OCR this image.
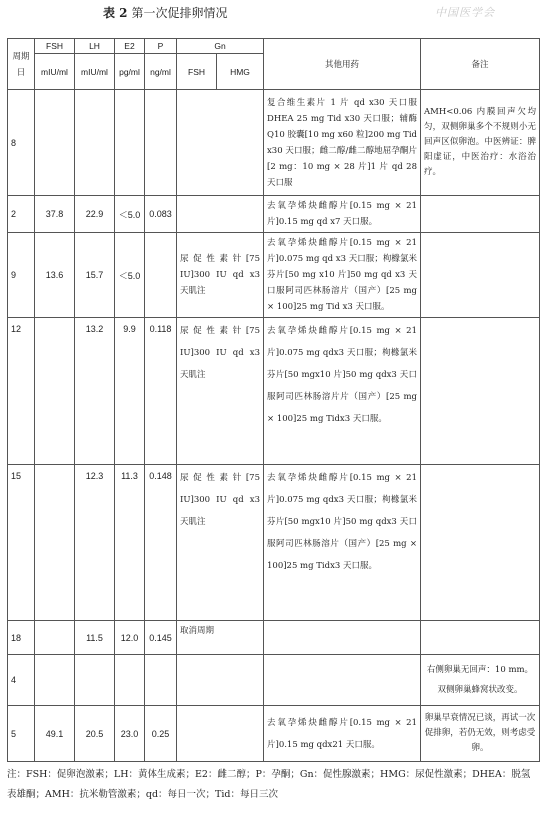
表 2 第一次促排卵情况	中国医学会
周期日	FSH	LH	E2	P	Gn		其他用药	备注
	mIU/ml	mIU/ml	pg/ml	ng/ml	FSH	HMG		

8							复合维生素片 1 片 qd x30 天口服 DHEA 25 mg Tid x30 天口服；辅酶 Q10 胶囊[10 mg x60 粒]200 mg Tid x30 天口服；雌二醇/雌二醇地屈孕酮片[2 mg：10 mg × 28 片]1 片 qd 28 天口服	AMH<0.06 内膜回声欠均匀，双侧卵巢多个不规则小无回声区似卵泡。中医辨证：脾阳虚证，中医治疗：水浴治疗。
2	37.8	22.9	＜5.0	0.083			去氧孕烯炔雌醇片[0.15 mg × 21 片]0.15 mg qd x7 天口服。	
9	13.6	15.7	＜5.0		尿促性素针[75 IU]300 IU qd x3 天肌注		去氧孕烯炔雌醇片[0.15 mg × 21 片]0.075 mg qd x3 天口服；枸橼氯米芬片[50 mg x10 片]50 mg qd x3 天口服阿司匹林肠溶片（国产）[25 mg × 100]25 mg Tid x3 天口服。	
12		13.2	9.9	0.118	尿促性素针[75 IU]300 IU qd x3 天肌注		去氧孕烯炔雌醇片[0.15 mg × 21 片]0.075 mg qdx3 天口服；枸橼氯米芬片[50 mgx10 片]50 mg qdx3 天口服阿司匹林肠溶片片（国产）[25 mg × 100]25 mg Tidx3 天口服。	
15		12.3	11.3	0.148	尿促性素针[75 IU]300 IU qd x3 天肌注		去氧孕烯炔雌醇片[0.15 mg × 21 片]0.075 mg qdx3 天口服；枸橼氯米芬片[50 mgx10 片]50 mg qdx3 天口服阿司匹林肠溶片（国产）[25 mg × 100]25 mg Tidx3 天口服。	
18		11.5	12.0	0.145	取消周期			
4								右侧卵巢无回声：10 mm。双侧卵巢蜂窝状改变。
5	49.1	20.5	23.0	0.25			去氧孕烯炔雌醇片[0.15 mg × 21 片]0.15 mg qdx21 天口服。	卵巢早衰情况已谈，再试一次促排卵，若仍无效，则考虑受卵。
注：FSH：促卵泡激素；LH：黄体生成素；E2：雌二醇；P：孕酮；Gn：促性腺激素；HMG：尿促性激素；DHEA：脱氢表雄酮；AMH：抗米勒管激素；qd：每日一次；Tid：每日三次
